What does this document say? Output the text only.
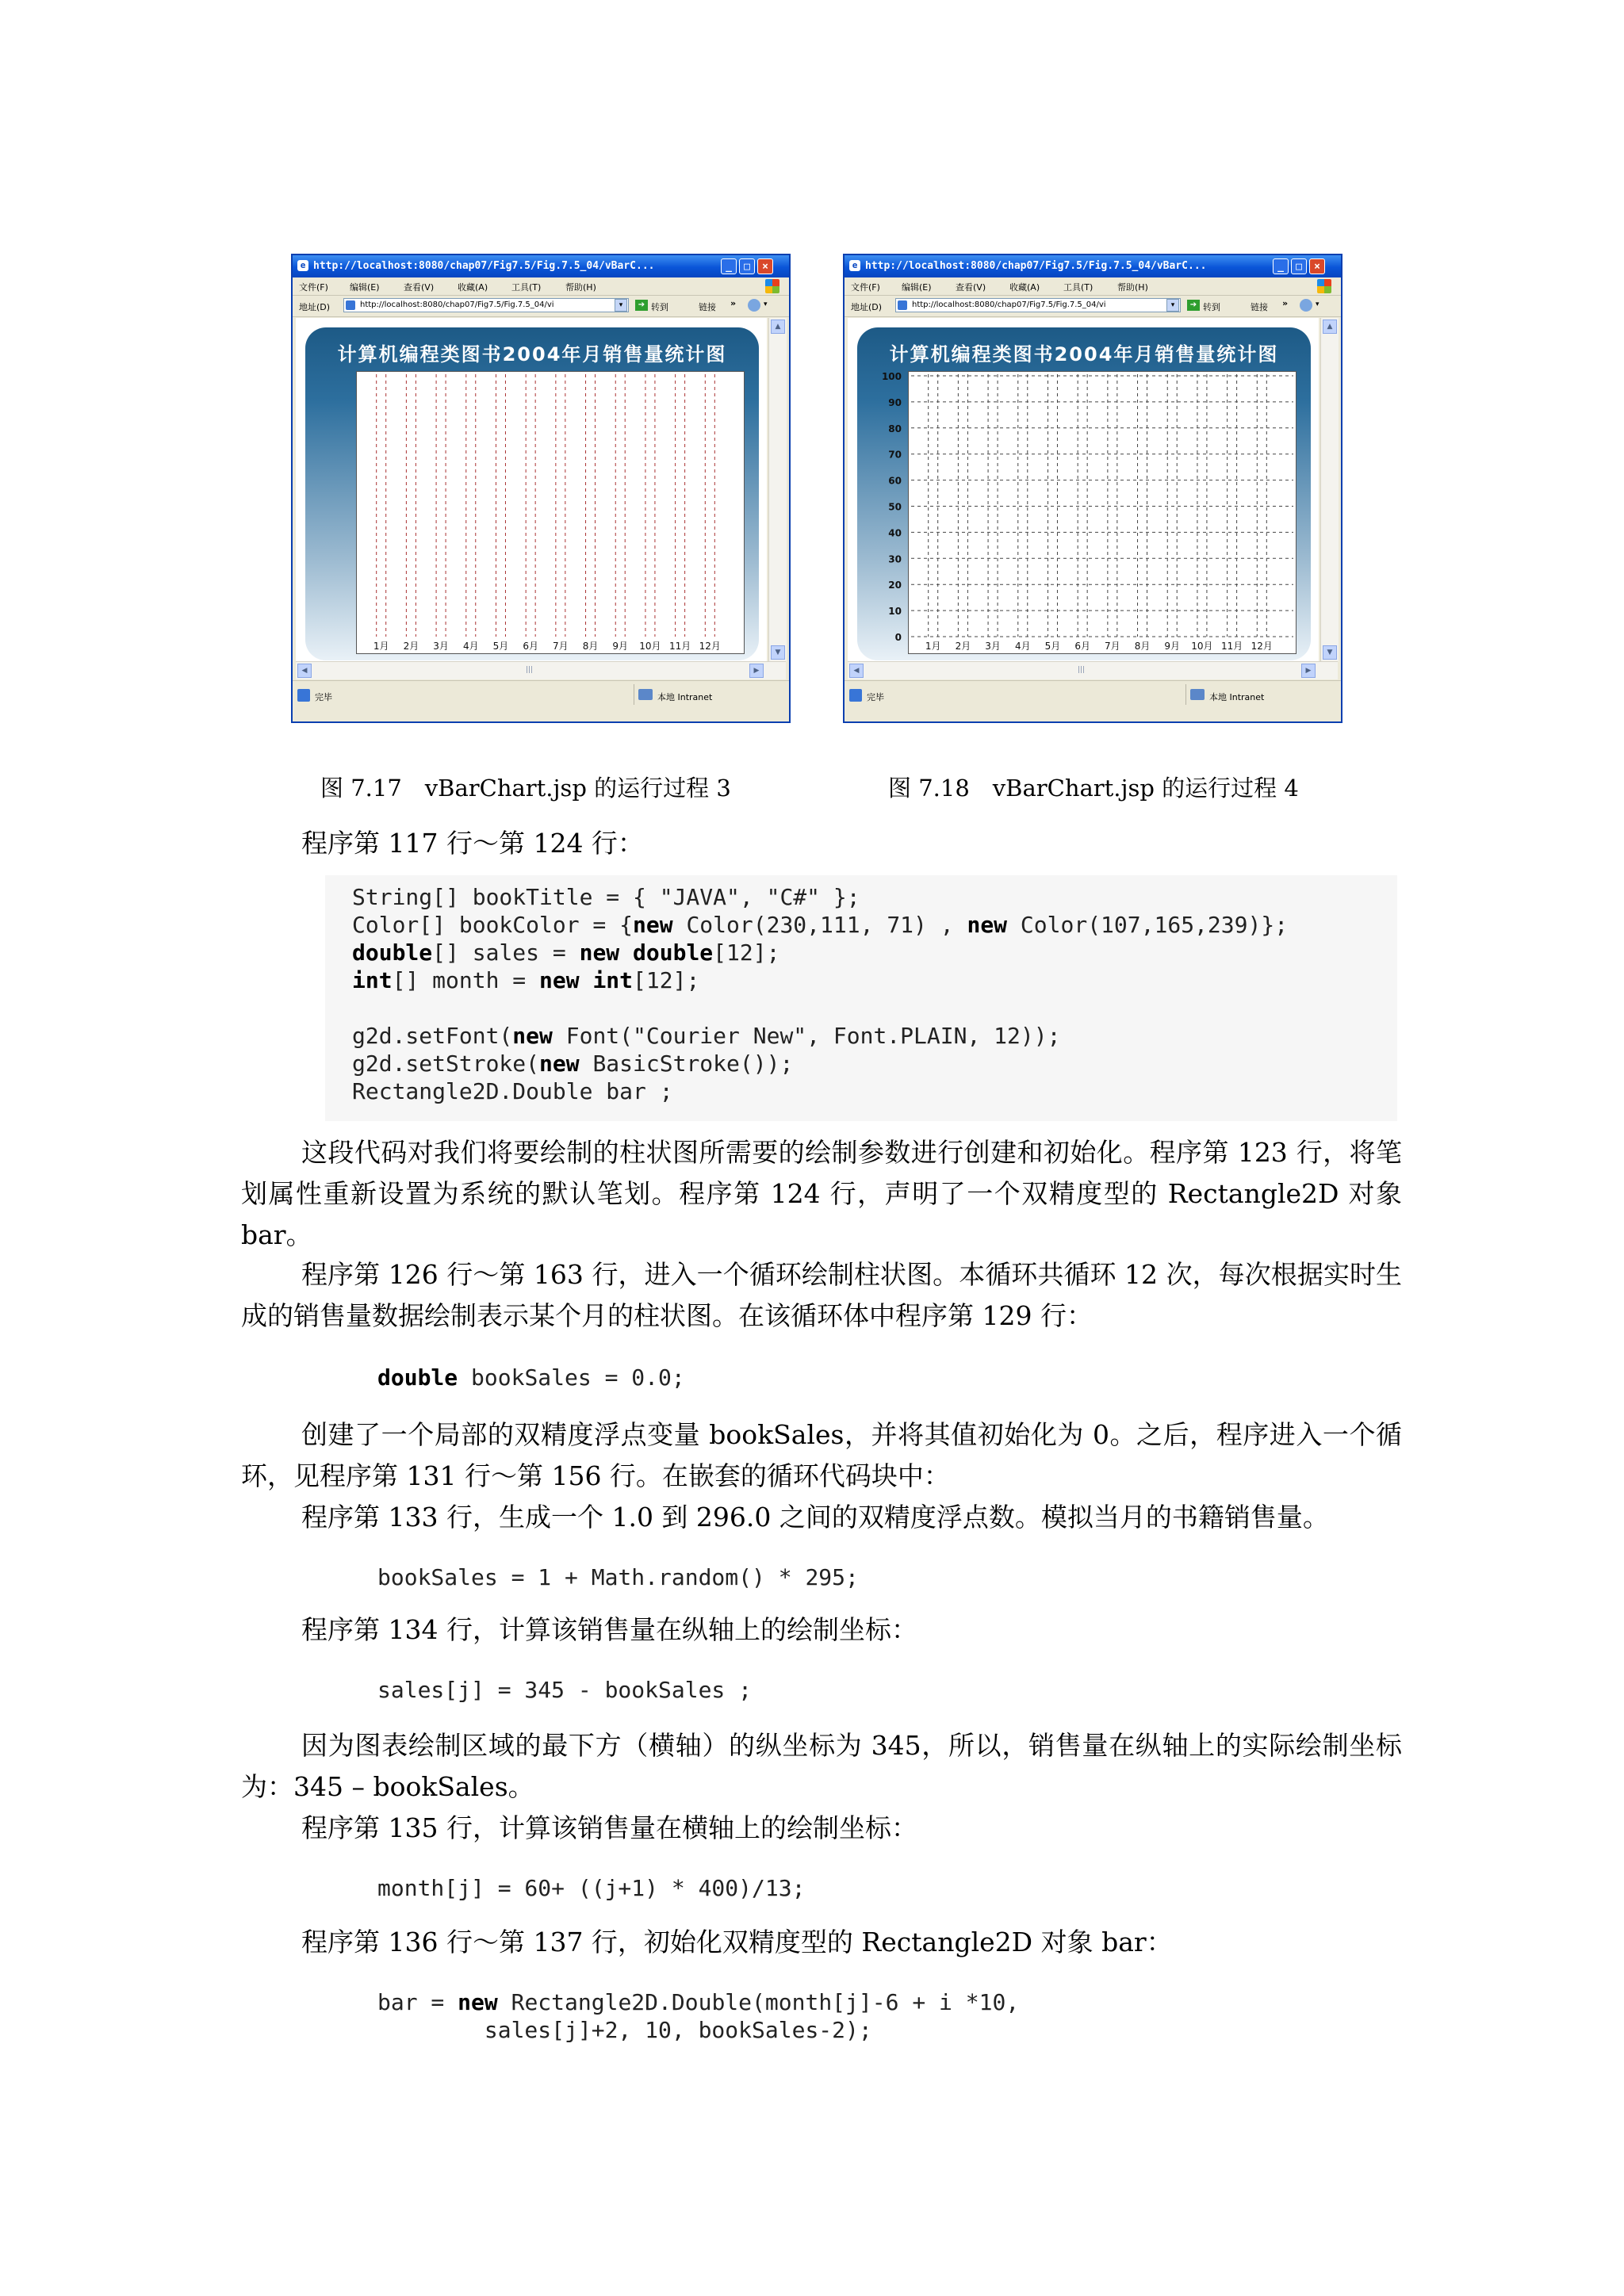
e http://localhost:8080/chap07/Fig7.5/Fig.7.5_04/vBarC...	_	□	×
文件(F) 编辑(E)	查看(V)	收藏(A)	工具(T)	帮助(H)
地址(D)	http://localhost:8080/chap07/Fig7.5/Fig.7.5_04/vi	▾	➔ 转到	链接 »	▾
计算机编程类图书2004年月销售量统计图
1月 2月 3月 4月 5月 6月 7月 8月 9月 10月 11月 12月
▲
▼
◀	|||	▶
完毕	本地 Intranet
e http://localhost:8080/chap07/Fig7.5/Fig.7.5_04/vBarC...	_	□	×
文件(F) 编辑(E)	查看(V)	收藏(A)	工具(T)	帮助(H)
地址(D)	http://localhost:8080/chap07/Fig7.5/Fig.7.5_04/vi	▾	➔ 转到	链接 »	▾
计算机编程类图书2004年月销售量统计图
1月 2月 3月 4月 5月 6月 7月 8月 9月 10月 11月 12月
100
90
80
70
60
50
40
30
20
10
0
▲
▼
◀	|||	▶
完毕	本地 Intranet
图 7.17　vBarChart.jsp 的运行过程 3	图 7.18　vBarChart.jsp 的运行过程 4

程序第 117 行～第 124 行：

String[] bookTitle = { "JAVA", "C#" };
Color[] bookColor = {new Color(230,111, 71) , new Color(107,165,239)};
double[] sales = new double[12];
int[] month = new int[12];

g2d.setFont(new Font("Courier New", Font.PLAIN, 12));
g2d.setStroke(new BasicStroke());
Rectangle2D.Double bar ;

这段代码对我们将要绘制的柱状图所需要的绘制参数进行创建和初始化。程序第 123 行，将笔划属性重新设置为系统的默认笔划。程序第 124 行，声明了一个双精度型的 Rectangle2D 对象 bar。

程序第 126 行～第 163 行，进入一个循环绘制柱状图。本循环共循环 12 次，每次根据实时生成的销售量数据绘制表示某个月的柱状图。在该循环体中程序第 129 行：

double bookSales = 0.0;

创建了一个局部的双精度浮点变量 bookSales，并将其值初始化为 0。之后，程序进入一个循环，见程序第 131 行～第 156 行。在嵌套的循环代码块中：

程序第 133 行，生成一个 1.0 到 296.0 之间的双精度浮点数。模拟当月的书籍销售量。

bookSales = 1 + Math.random() * 295;

程序第 134 行，计算该销售量在纵轴上的绘制坐标：

sales[j] = 345 - bookSales ;

因为图表绘制区域的最下方（横轴）的纵坐标为 345，所以，销售量在纵轴上的实际绘制坐标为：345 – bookSales。

程序第 135 行，计算该销售量在横轴上的绘制坐标：

month[j] = 60+ ((j+1) * 400)/13;

程序第 136 行～第 137 行，初始化双精度型的 Rectangle2D 对象 bar：

bar = new Rectangle2D.Double(month[j]-6 + i *10,
sales[j]+2, 10, bookSales-2);
